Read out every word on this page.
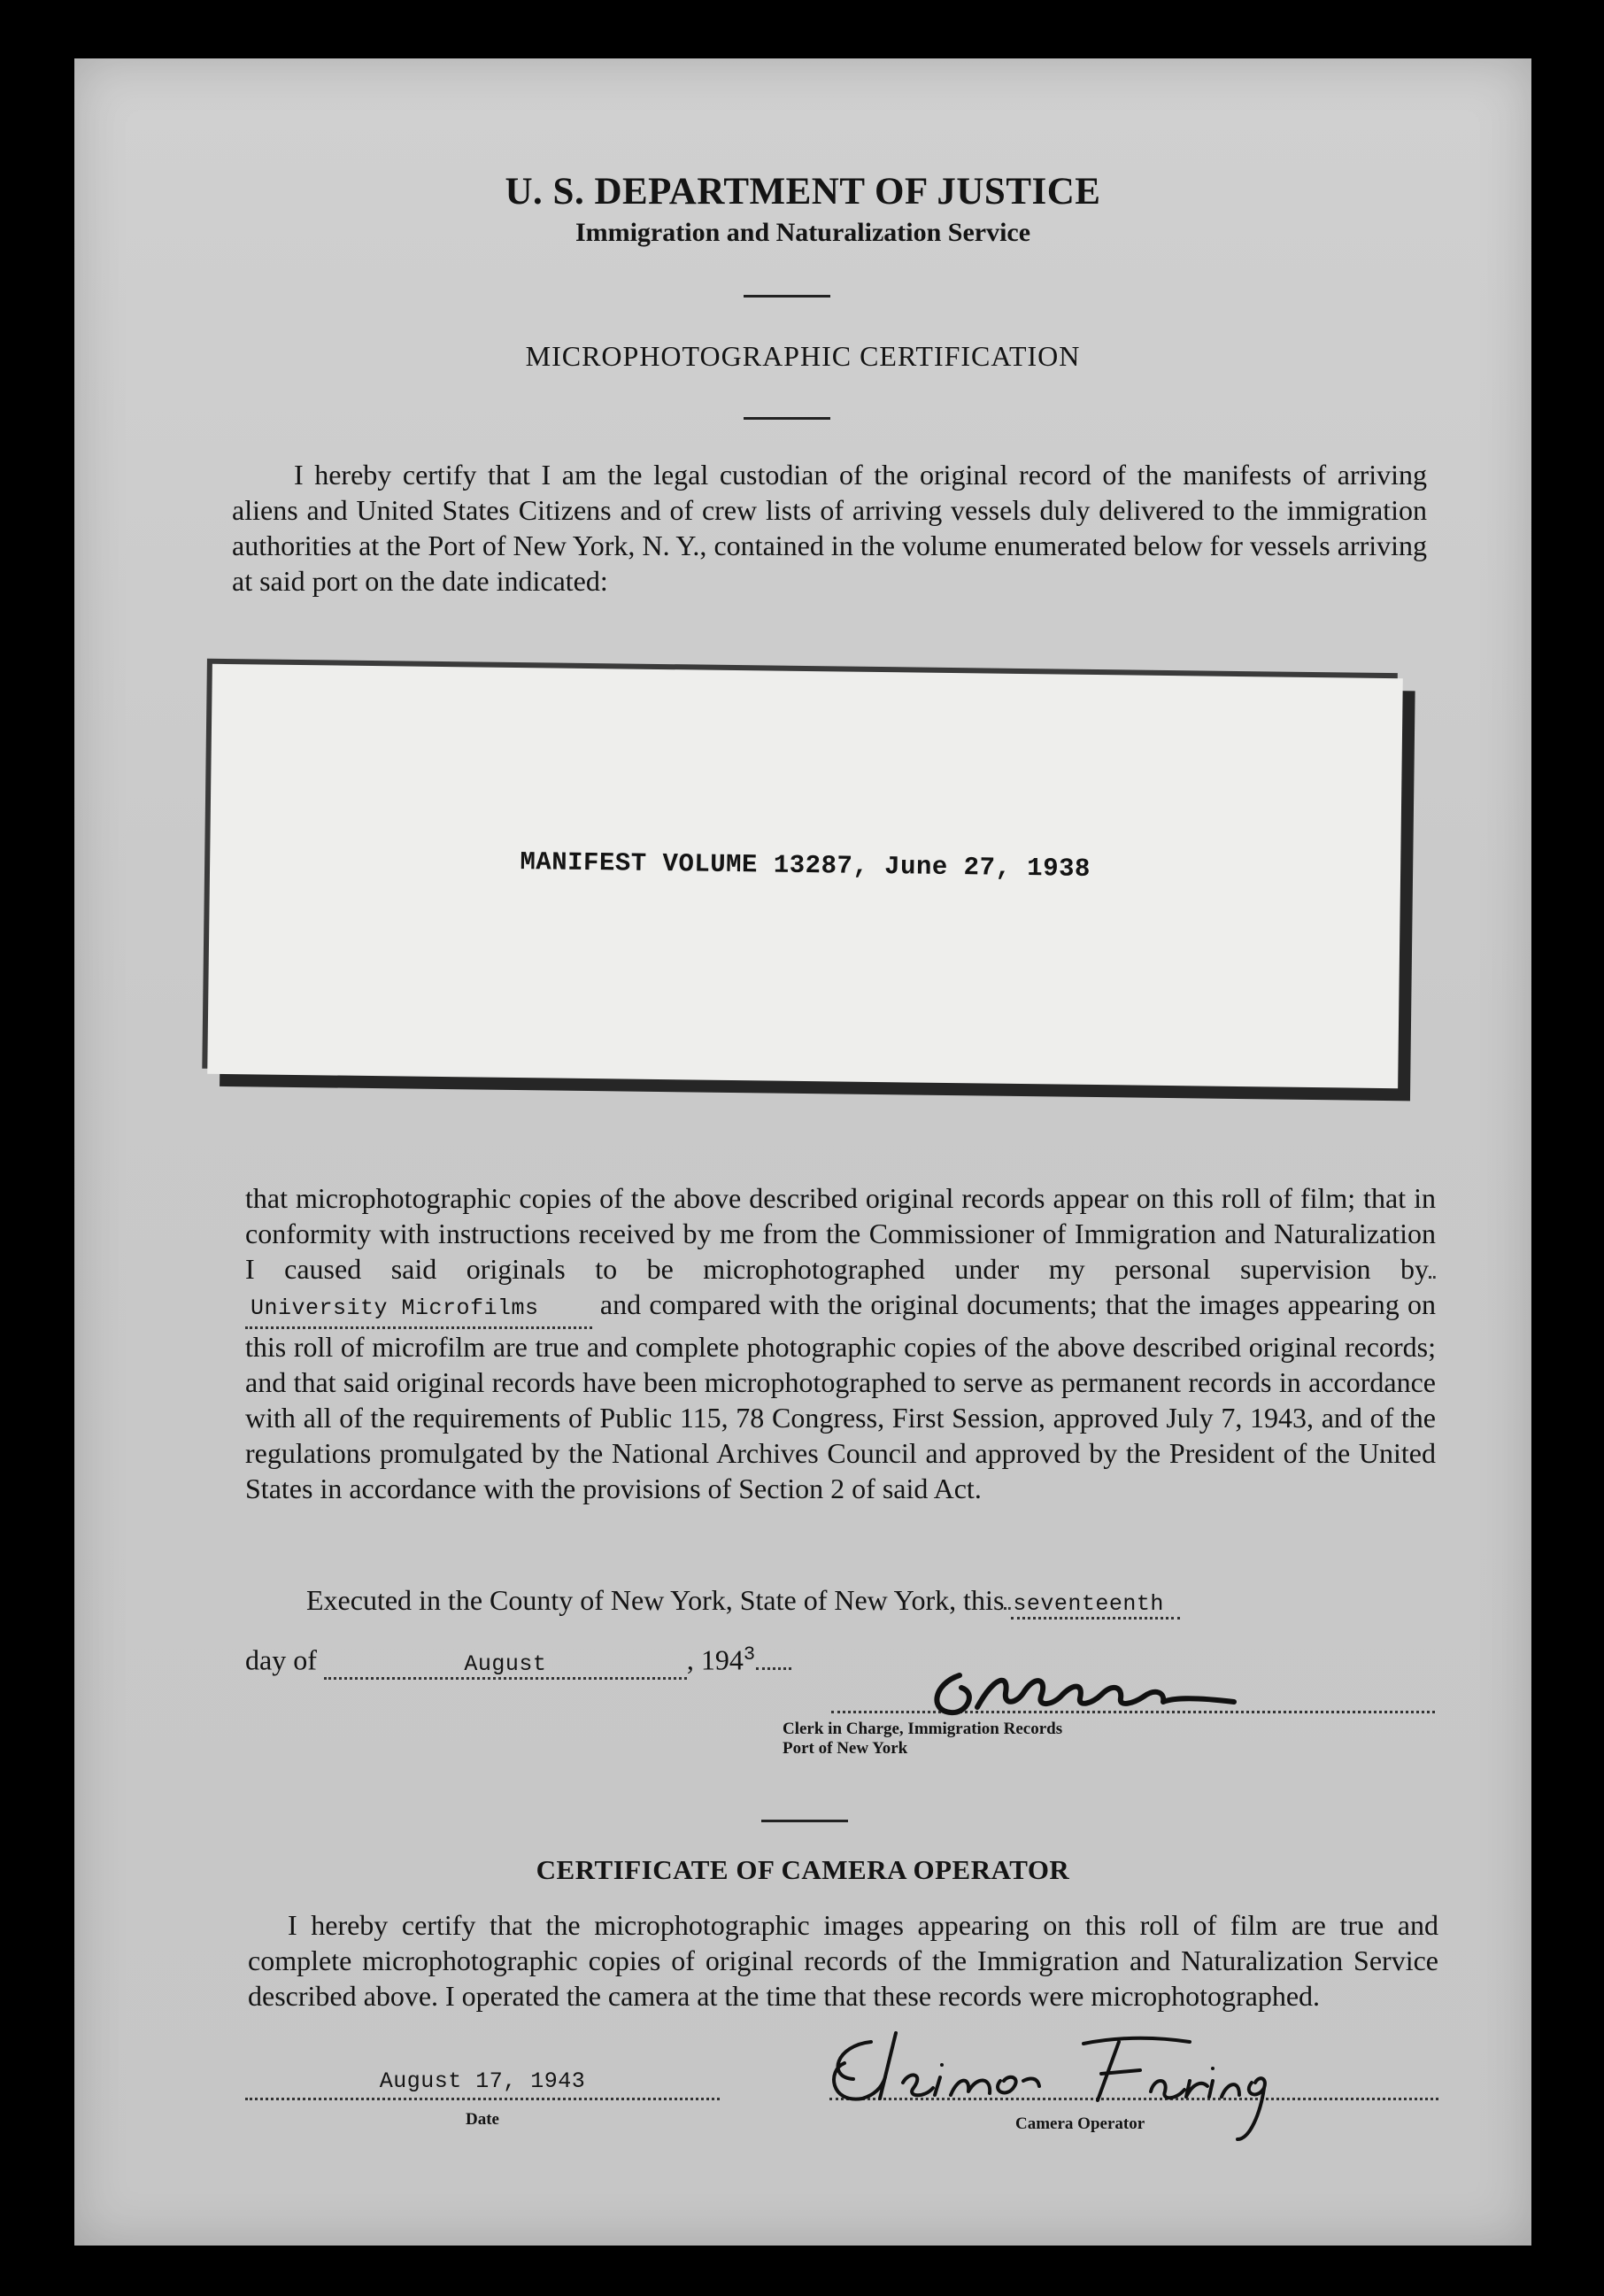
U. S. DEPARTMENT OF JUSTICE
Immigration and Naturalization Service
MICROPHOTOGRAPHIC CERTIFICATION

I hereby certify that I am the legal custodian of the original record of the manifests of arriving aliens and United States Citizens and of crew lists of arriving vessels duly delivered to the immigration authorities at the Port of New York, N. Y., contained in the volume enumerated below for vessels arriving at said port on the date indicated:

MANIFEST VOLUME 13287, June 27, 1938

that microphotographic copies of the above described original records appear on this roll of film; that in conformity with instructions received by me from the Commissioner of Immigration and Naturalization I caused said originals to be microphotographed under my personal supervision by University Microfilms and compared with the original documents; that the images appearing on this roll of microfilm are true and complete photographic copies of the above described original records; and that said original records have been microphotographed to serve as permanent records in accordance with all of the requirements of Public 115, 78 Congress, First Session, approved July 7, 1943, and of the regulations promulgated by the National Archives Council and approved by the President of the United States in accordance with the provisions of Section 2 of said Act.

Executed in the County of New York, State of New York, this seventeenth
day of	August	, $194^3$
Clerk in Charge, Immigration Records
Port of New York
CERTIFICATE OF CAMERA OPERATOR

I hereby certify that the microphotographic images appearing on this roll of film are true and complete microphotographic copies of original records of the Immigration and Naturalization Service described above. I operated the camera at the time that these records were microphotographed.

August 17, 1943
Date	Camera Operator
